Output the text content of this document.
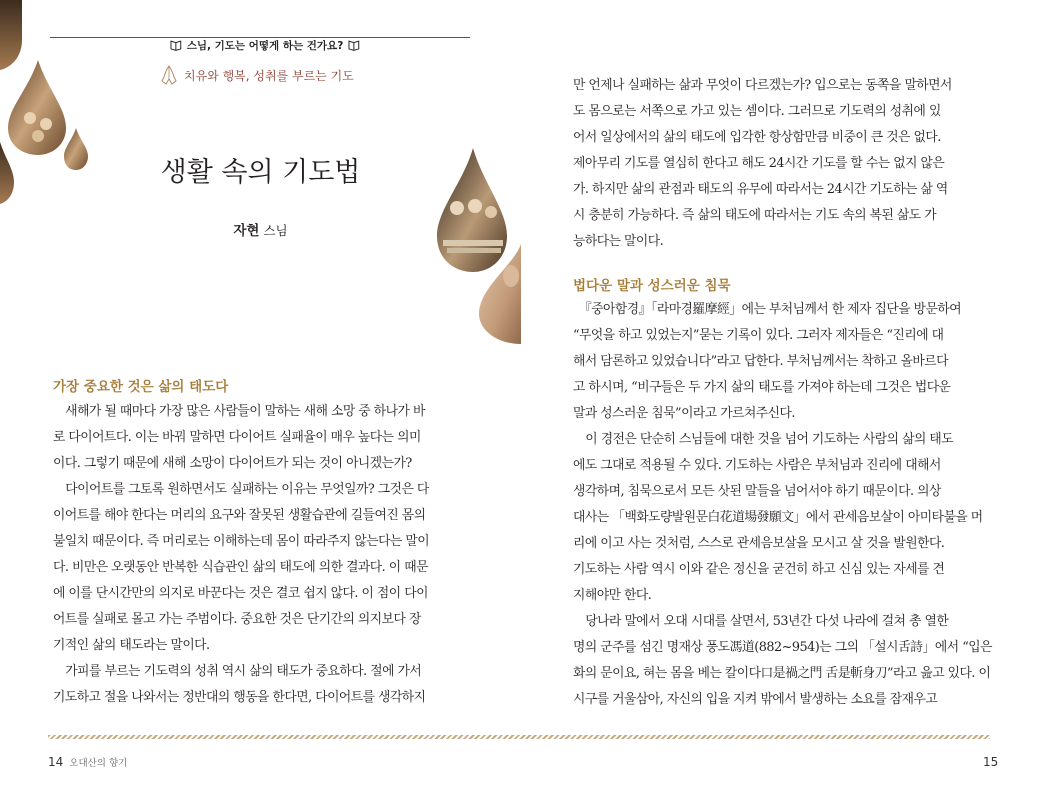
스님, 기도는 어떻게 하는 건가요?
치유와 행복, 성취를 부르는 기도
생활 속의 기도법
자현 스님
가장 중요한 것은 삶의 태도다
　새해가 될 때마다 가장 많은 사람들이 말하는 새해 소망 중 하나가 바
로 다이어트다. 이는 바꿔 말하면 다이어트 실패율이 매우 높다는 의미
이다. 그렇기 때문에 새해 소망이 다이어트가 되는 것이 아니겠는가?
　다이어트를 그토록 원하면서도 실패하는 이유는 무엇일까? 그것은 다
이어트를 해야 한다는 머리의 요구와 잘못된 생활습관에 길들여진 몸의
불일치 때문이다. 즉 머리로는 이해하는데 몸이 따라주지 않는다는 말이
다. 비만은 오랫동안 반복한 식습관인 삶의 태도에 의한 결과다. 이 때문
에 이를 단시간만의 의지로 바꾼다는 것은 결코 쉽지 않다. 이 점이 다이
어트를 실패로 몰고 가는 주범이다. 중요한 것은 단기간의 의지보다 장
기적인 삶의 태도라는 말이다.
　가피를 부르는 기도력의 성취 역시 삶의 태도가 중요하다. 절에 가서
기도하고 절을 나와서는 정반대의 행동을 한다면, 다이어트를 생각하지
14 오대산의 향기
만 언제나 실패하는 삶과 무엇이 다르겠는가? 입으로는 동쪽을 말하면서
도 몸으로는 서쪽으로 가고 있는 셈이다. 그러므로 기도력의 성취에 있
어서 일상에서의 삶의 태도에 입각한 항상함만큼 비중이 큰 것은 없다.
제아무리 기도를 열심히 한다고 해도 24시간 기도를 할 수는 없지 않은
가. 하지만 삶의 관점과 태도의 유무에 따라서는 24시간 기도하는 삶 역
시 충분히 가능하다. 즉 삶의 태도에 따라서는 기도 속의 복된 삶도 가
능하다는 말이다.
법다운 말과 성스러운 침묵
　『중아함경』「라마경羅摩經」에는 부처님께서 한 제자 집단을 방문하여
“무엇을 하고 있었는지”묻는 기록이 있다. 그러자 제자들은 “진리에 대
해서 담론하고 있었습니다”라고 답한다. 부처님께서는 착하고 올바르다
고 하시며, “비구들은 두 가지 삶의 태도를 가져야 하는데 그것은 법다운
말과 성스러운 침묵”이라고 가르쳐주신다.
　이 경전은 단순히 스님들에 대한 것을 넘어 기도하는 사람의 삶의 태도
에도 그대로 적용될 수 있다. 기도하는 사람은 부처님과 진리에 대해서
생각하며, 침묵으로서 모든 삿된 말들을 넘어서야 하기 때문이다. 의상
대사는 「백화도량발원문白花道場發願文」에서 관세음보살이 아미타불을 머
리에 이고 사는 것처럼, 스스로 관세음보살을 모시고 살 것을 발원한다.
기도하는 사람 역시 이와 같은 정신을 굳건히 하고 신심 있는 자세를 견
지해야만 한다.
　당나라 말에서 오대 시대를 살면서, 53년간 다섯 나라에 걸쳐 총 열한
명의 군주를 섬긴 명재상 풍도馮道(882~954)는 그의 「설시舌詩」에서 “입은
화의 문이요, 혀는 몸을 베는 칼이다口是禍之門 舌是斬身刀”라고 읊고 있다. 이
시구를 거울삼아, 자신의 입을 지켜 밖에서 발생하는 소요를 잠재우고
15
